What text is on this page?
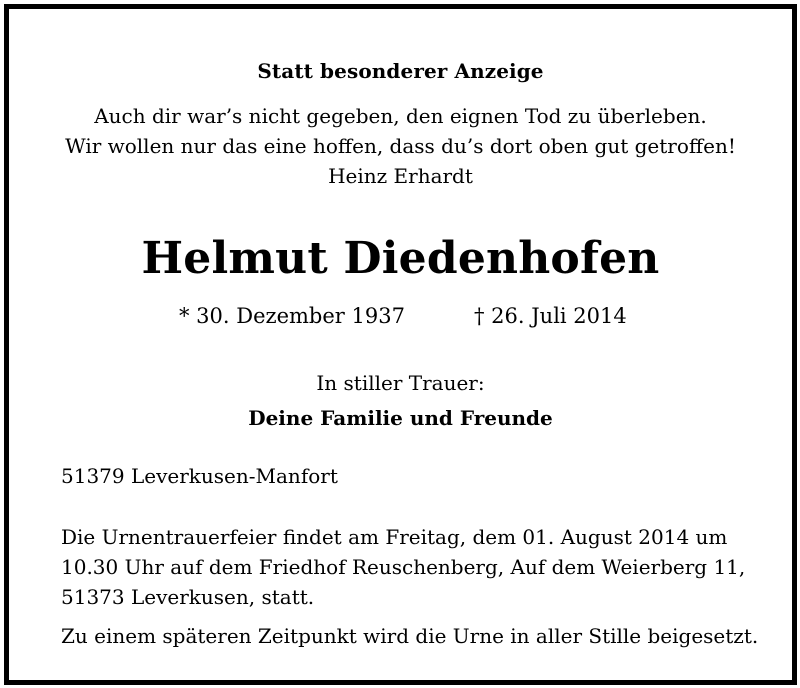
Statt besonderer Anzeige
Auch dir war’s nicht gegeben, den eignen Tod zu überleben.
Wir wollen nur das eine hoffen, dass du’s dort oben gut getroffen!
Heinz Erhardt
Helmut Diedenhofen
* 30. Dezember 1937	† 26. Juli 2014
In stiller Trauer:
Deine Familie und Freunde
51379 Leverkusen-Manfort
Die Urnentrauerfeier findet am Freitag, dem 01. August 2014 um
10.30 Uhr auf dem Friedhof Reuschenberg, Auf dem Weierberg 11,
51373 Leverkusen, statt.
Zu einem späteren Zeitpunkt wird die Urne in aller Stille beigesetzt.
